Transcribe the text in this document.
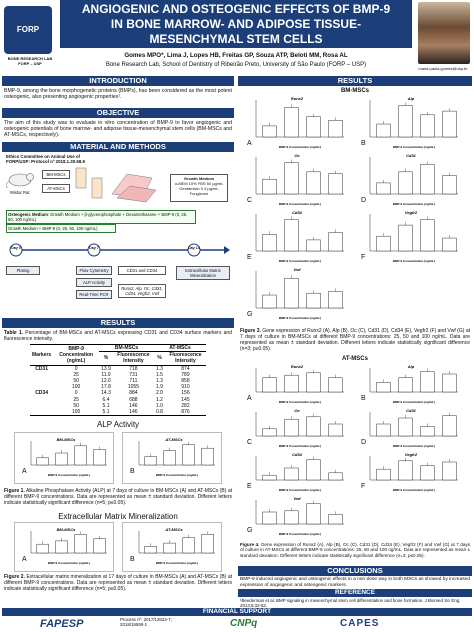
FORP
BONE RESEARCH LAB FORP – USP
ANGIOGENIC AND OSTEOGENIC EFFECTS OF BMP-9
IN BONE MARROW- AND ADIPOSE TISSUE-
MESENCHYMAL STEM CELLS
Gomes MPO*, Lima J, Lopes HB, Freitas GP, Souza ATP, Beloti MM, Rosa AL
Bone Research Lab, School of Dentistry of Ribeirão Preto, University of São Paulo (FORP – USP)
maria.paula.gomes@usp.br
INTRODUCTION
BMP-9, among the bone morphogenetic proteins (BMPs), has been considered as the most potent osteogenic, also presenting angiogenic properties¹.
OBJECTIVE
The aim of this study was to evaluate in vitro concentration of BMP-9 to favor angiogenic and osteogenic potentials of bone marrow- and adipose tissue-mesenchymal stem cells (BM-MSCs and AT-MSCs, respectively).
MATERIAL AND METHODS
Ethics Committee on Animal Use of FORP/USP: Protocol nº 2018.1.30.58.9
Wistar Rat
BM-MSCs
AT-MSCs
Growth Medium
α-MEM 10% FBS 50 µg/mL Gentamicin 0.3 µg/mL Fungizone
Osteogenic Medium: Growth Medium + β-glycerophosphate + Dexamethasone + BMP-9 (0, 25, 50, 100 ng/mL)
Growth Medium + BMP-9 (0, 25, 50, 100 ng/mL)
Day 0	Day 7	Day 14
Plating	Flow Cytometry
ALP Activity
Real-Time PCR
CD31 and CD34
Runx2, Alp, Oc, Cd31, Cd34, Vegfr2, Vwf
Extracellular Matrix Mineralization
RESULTS
Table 1. Percentage of BM-MSCs and AT-MSCs expressing CD31 and CD34 surface markers and fluorescence intensity.
Markers	BMP-9 Concentration (ng/mL)	BM-MSCs		AT-MSCs	
		%	Fluorescence Intensity	%	Fluorescence Intensity
CD31	0	13.9	718	1.3	874
	25	11.9	731	1.5	789
	50	12.6	711	1.3	858
	100	17.8	1055	1.9	910
CD34	0	14.3	884	2.0	156
	25	6.4	688	1.2	145
	50	5.1	146	1.0	282
	100	5.1	146	0.8	876
ALP Activity
BM-MSCs
A	BMP-9 Concentration (ng/mL)
AT-MSCs
B	BMP-9 Concentration (ng/mL)
Figure 1. Alkaline Phosphatase Activity (ALP) at 7 days of culture in BM-MSCs (A) and AT-MSCs (B) at different BMP-9 concentrations. Data are represented as mean ± standard deviation. Different letters indicate statistically significant difference (n=5; p≤0.05).
Extracellular Matrix Mineralization
BM-MSCs
A	BMP-9 Concentration (ng/mL)
AT-MSCs
B	BMP-9 Concentration (ng/mL)
Figure 2. Extracellular matrix mineralization at 17 days of culture in BM-MSCs (A) and AT-MSCs (B) at different BMP-9 concentrations. Data are represented as mean ± standard deviation. Different letters indicate statistically significant difference (n=5; p≤0.05).
RESULTS
BM-MSCs
Runx2
A	BMP-9 Concentration (ng/mL)
Alp
B	BMP-9 Concentration (ng/mL)
Oc
C	BMP-9 Concentration (ng/mL)
Cd31
D	BMP-9 Concentration (ng/mL)
Cd34
E	BMP-9 Concentration (ng/mL)
Vegfr2
F	BMP-9 Concentration (ng/mL)
Vwf
G	BMP-9 Concentration (ng/mL)
Figure 3. Gene expression of Runx2 (A), Alp (B), Oc (C), Cd31 (D), Cd34 (E), Vegfr2 (F) and Vwf (G) at 7 days of culture in BM-MSCs at different BMP-9 concentrations: 25, 50 and 100 ng/mL. Data are represented as mean ± standard deviation. Different letters indicate statistically significant difference (n=3; p≤0.05).
AT-MSCs
Runx2
A	BMP-9 Concentration (ng/mL)
Alp
B	BMP-9 Concentration (ng/mL)
Oc
C	BMP-9 Concentration (ng/mL)
Cd31
D	BMP-9 Concentration (ng/mL)
Cd34
E	BMP-9 Concentration (ng/mL)
Vegfr2
F	BMP-9 Concentration (ng/mL)
Vwf
G	BMP-9 Concentration (ng/mL)
Figure 4. Gene expression of Runx2 (A), Alp (B), Oc (C), Cd31 (D), Cd34 (E), Vegfr2 (F) and Vwf (G) at 7 days of culture in AT-MSCs at different BMP-9 concentrations: 25, 50 and 100 ng/mL. Data are represented as mean ± standard deviation. Different letters indicate statistically significant difference (n=3; p≤0.05).
CONCLUSIONS
BMP-9 induced angiogenic and osteogenic effects in a non-dose way in both MSCs as showed by increased expression of angiogenic and osteogenic markers.
REFERENCE
¹Beederman et al. BMP signaling in mesenchymal stem cell differentiation and bone formation. J Biomed Sci Eng. 2013;6:32-52.
FINANCIAL SUPPORT
FAPESP	Process nº: 2017/12622-7; 2018/19559-1	CNPq	CAPES
